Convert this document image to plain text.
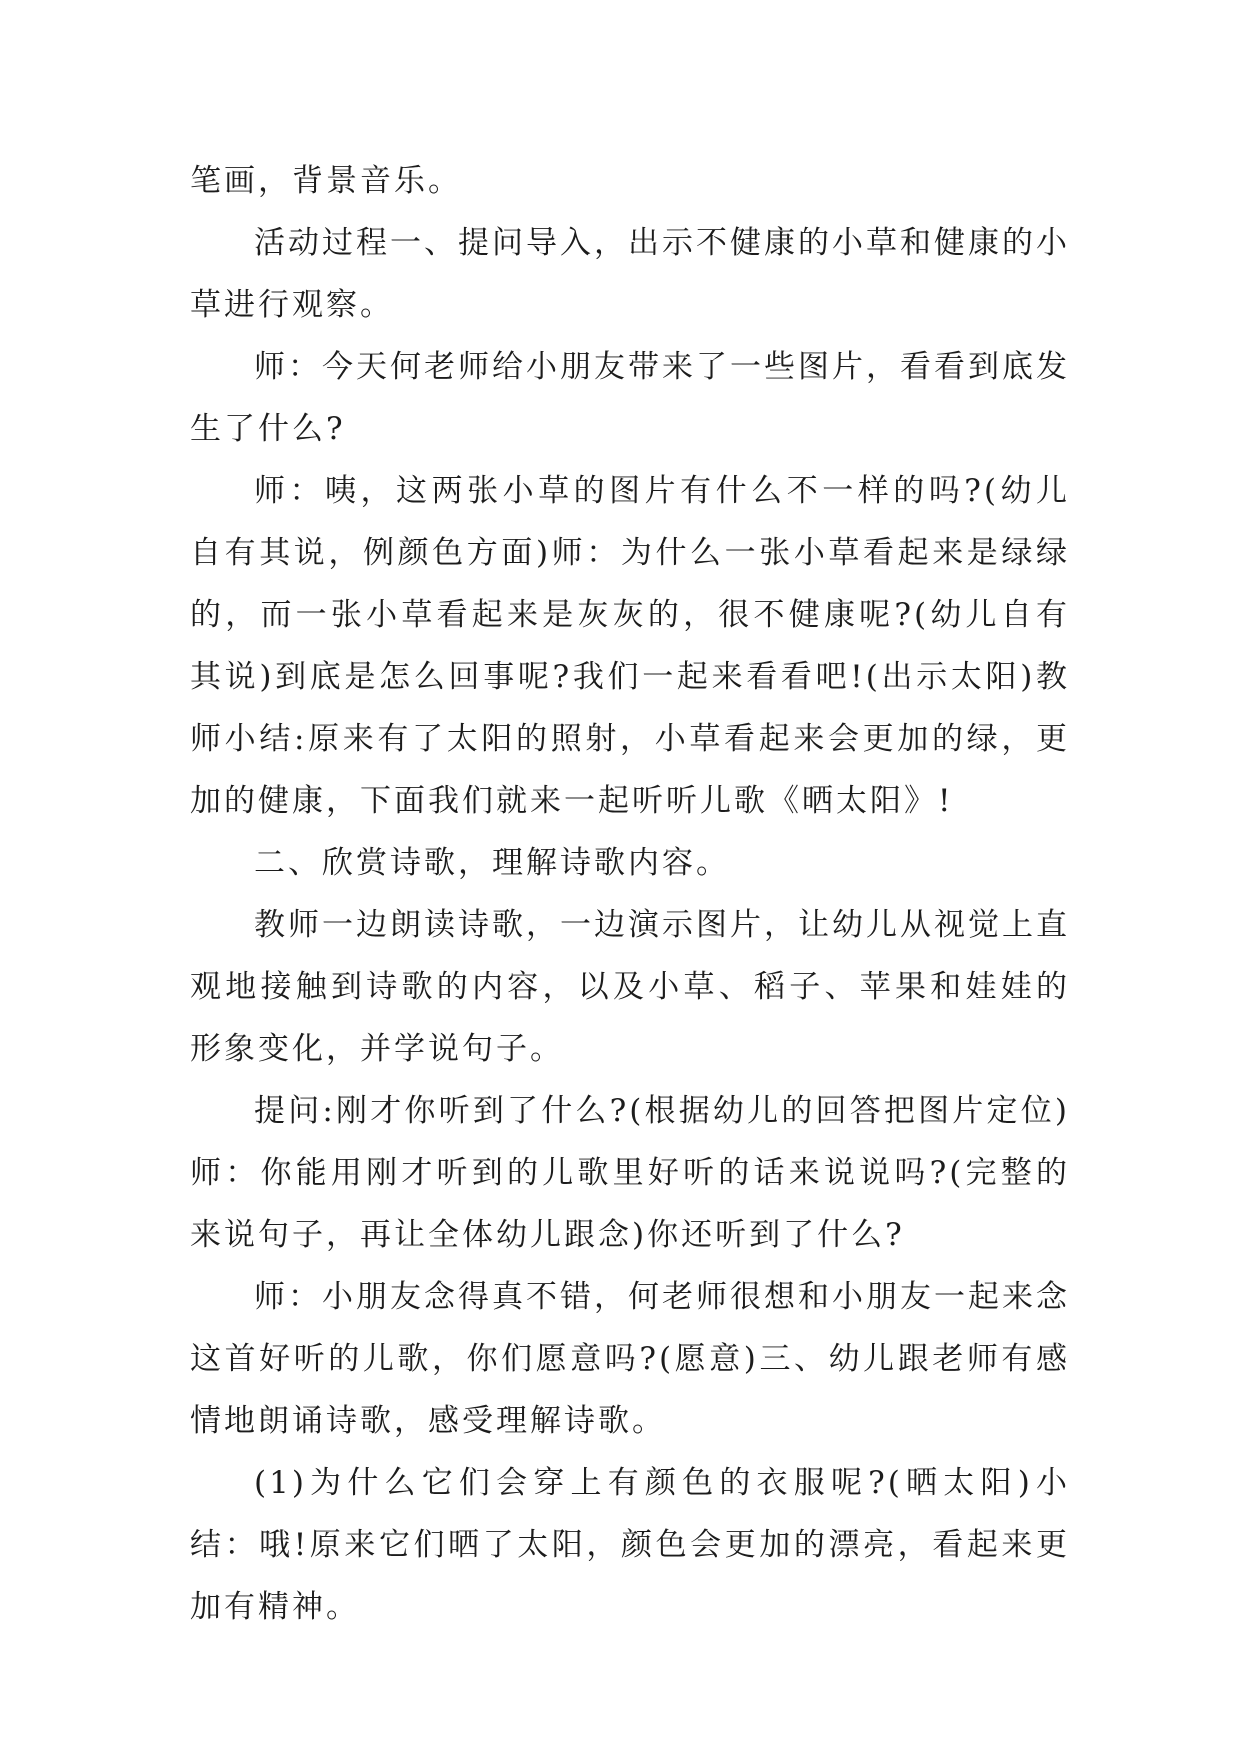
笔画，背景音乐。

活动过程一、提问导入，出示不健康的小草和健康的小草进行观察。

师：今天何老师给小朋友带来了一些图片，看看到底发生了什么?

师：咦，这两张小草的图片有什么不一样的吗?(幼儿自有其说，例颜色方面)师：为什么一张小草看起来是绿绿的，而一张小草看起来是灰灰的，很不健康呢?(幼儿自有其说)到底是怎么回事呢?我们一起来看看吧!(出示太阳)教师小结:原来有了太阳的照射，小草看起来会更加的绿，更加的健康，下面我们就来一起听听儿歌《晒太阳》!

二、欣赏诗歌，理解诗歌内容。

教师一边朗读诗歌，一边演示图片，让幼儿从视觉上直观地接触到诗歌的内容，以及小草、稻子、苹果和娃娃的形象变化，并学说句子。

提问:刚才你听到了什么?(根据幼儿的回答把图片定位)师：你能用刚才听到的儿歌里好听的话来说说吗?(完整的来说句子，再让全体幼儿跟念)你还听到了什么?

师：小朋友念得真不错，何老师很想和小朋友一起来念这首好听的儿歌，你们愿意吗?(愿意)三、幼儿跟老师有感情地朗诵诗歌，感受理解诗歌。

(1)为什么它们会穿上有颜色的衣服呢?(晒太阳)小结：哦!原来它们晒了太阳，颜色会更加的漂亮，看起来更加有精神。
